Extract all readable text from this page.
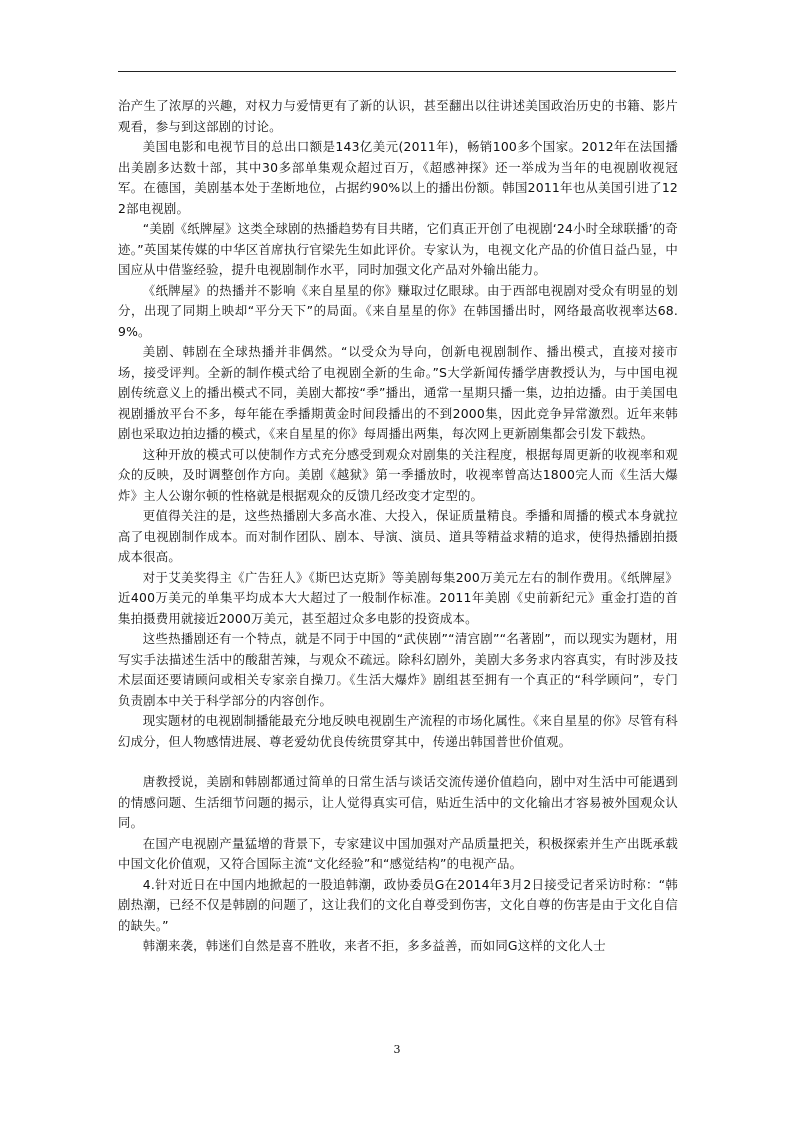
治产生了浓厚的兴趣，对权力与爱情更有了新的认识，甚至翻出以往讲述美国政治历史的书籍、影片观看，参与到这部剧的讨论。

美国电影和电视节目的总出口额是143亿美元(2011年)，畅销100多个国家。2012年在法国播出美剧多达数十部，其中30多部单集观众超过百万，《超感神探》还一举成为当年的电视剧收视冠军。在德国，美剧基本处于垄断地位，占据约90%以上的播出份额。韩国2011年也从美国引进了122部电视剧。

“美剧《纸牌屋》这类全球剧的热播趋势有目共睹，它们真正开创了电视剧‘24小时全球联播’的奇迹。”英国某传媒的中华区首席执行官梁先生如此评价。专家认为，电视文化产品的价值日益凸显，中国应从中借鉴经验，提升电视剧制作水平，同时加强文化产品对外输出能力。

《纸牌屋》的热播并不影响《来自星星的你》赚取过亿眼球。由于西部电视剧对受众有明显的划分，出现了同期上映却“平分天下”的局面。《来自星星的你》在韩国播出时，网络最高收视率达68.9%。

美剧、韩剧在全球热播并非偶然。“以受众为导向，创新电视剧制作、播出模式，直接对接市场，接受评判。全新的制作模式给了电视剧全新的生命。”S大学新闻传播学唐教授认为，与中国电视剧传统意义上的播出模式不同，美剧大都按“季”播出，通常一星期只播一集，边拍边播。由于美国电视剧播放平台不多，每年能在季播期黄金时间段播出的不到2000集，因此竞争异常激烈。近年来韩剧也采取边拍边播的模式，《来自星星的你》每周播出两集，每次网上更新剧集都会引发下载热。

这种开放的模式可以使制作方式充分感受到观众对剧集的关注程度，根据每周更新的收视率和观众的反映，及时调整创作方向。美剧《越狱》第一季播放时，收视率曾高达1800完人而《生活大爆炸》主人公谢尔顿的性格就是根据观众的反馈几经改变才定型的。

更值得关注的是，这些热播剧大多高水准、大投入，保证质量精良。季播和周播的模式本身就拉高了电视剧制作成本。而对制作团队、剧本、导演、演员、道具等精益求精的追求，使得热播剧拍摄成本很高。

对于艾美奖得主《广告狂人》《斯巴达克斯》等美剧每集200万美元左右的制作费用。《纸牌屋》近400万美元的单集平均成本大大超过了一般制作标准。2011年美剧《史前新纪元》重金打造的首集拍摄费用就接近2000万美元，甚至超过众多电影的投资成本。

这些热播剧还有一个特点，就是不同于中国的“武侠剧”“清宫剧”“名著剧”，而以现实为题材，用写实手法描述生活中的酸甜苦辣，与观众不疏远。除科幻剧外，美剧大多务求内容真实，有时涉及技术层面还要请顾问或相关专家亲自操刀。《生活大爆炸》剧组甚至拥有一个真正的“科学顾问”，专门负责剧本中关于科学部分的内容创作。

现实题材的电视剧制播能最充分地反映电视剧生产流程的市场化属性。《来自星星的你》尽管有科幻成分，但人物感情进展、尊老爱幼优良传统贯穿其中，传递出韩国普世价值观。

唐教授说，美剧和韩剧都通过简单的日常生活与谈话交流传递价值趋向，剧中对生活中可能遇到的情感问题、生活细节问题的揭示，让人觉得真实可信，贴近生活中的文化输出才容易被外国观众认同。

在国产电视剧产量猛增的背景下，专家建议中国加强对产品质量把关，积极探索并生产出既承载中国文化价值观，又符合国际主流“文化经验”和“感觉结构”的电视产品。

4.针对近日在中国内地掀起的一股追韩潮，政协委员G在2014年3月2日接受记者采访时称：“韩剧热潮，已经不仅是韩剧的问题了，这让我们的文化自尊受到伤害，文化自尊的伤害是由于文化自信的缺失。”

韩潮来袭，韩迷们自然是喜不胜收，来者不拒，多多益善，而如同G这样的文化人士

3
